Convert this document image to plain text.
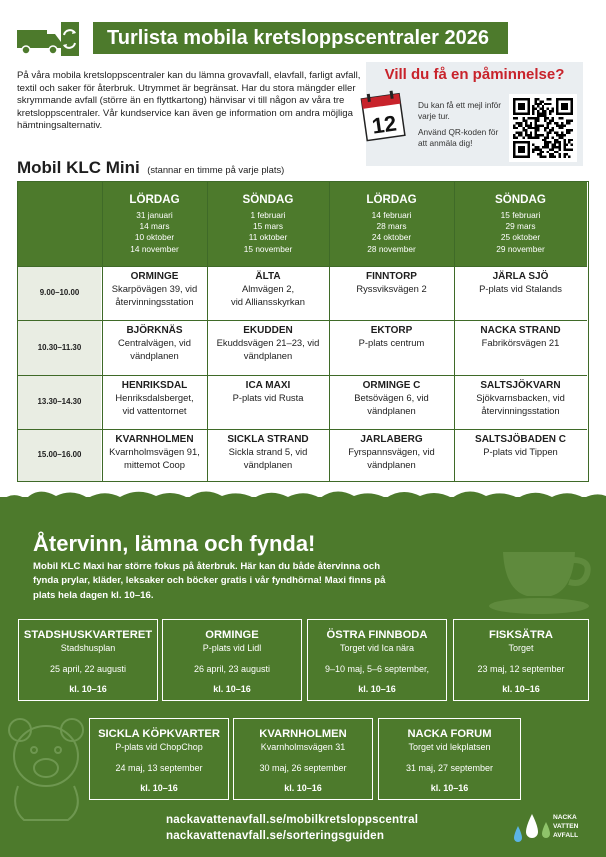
Turlista mobila kretsloppscentraler 2026
På våra mobila kretsloppscentraler kan du lämna grovavfall, elavfall, farligt avfall, textil och saker för återbruk. Utrymmet är begränsat. Har du stora mängder eller skrymmande avfall (större än en flyttkartong) hänvisar vi till någon av våra tre kretsloppscentraler. Vår kundservice kan även ge information om andra möjliga hämtningsalternativ.
Vill du få en påminnelse?
12
Du kan få ett mejl inför varje tur.
Använd QR-koden för att anmäla dig!
Mobil KLC Mini (stannar en timme på varje plats)
LÖRDAG
31 januari
14 mars
10 oktober
14 november
SÖNDAG
1 februari
15 mars
11 oktober
15 november
LÖRDAG
14 februari
28 mars
24 oktober
28 november
SÖNDAG
15 februari
29 mars
25 oktober
29 november
9.00–10.00
10.30–11.30
13.30–14.30
15.00–16.00
ORMINGE
Skarpövägen 39, vid
återvinningsstation
ÄLTA
Almvägen 2,
vid Alliansskyrkan
FINNTORP
Ryssviksvägen 2
JÄRLA SJÖ
P-plats vid Stalands
BJÖRKNÄS
Centralvägen, vid
vändplanen
EKUDDEN
Ekuddsvägen 21–23, vid
vändplanen
EKTORP
P-plats centrum
NACKA STRAND
Fabrikörsvägen 21
HENRIKSDAL
Henriksdalsberget,
vid vattentornet
ICA MAXI
P-plats vid Rusta
ORMINGE C
Betsövägen 6, vid
vändplanen
SALTSJÖKVARN
Sjökvarnsbacken, vid
återvinningsstation
KVARNHOLMEN
Kvarnholmsvägen 91,
mittemot Coop
SICKLA STRAND
Sickla strand 5, vid
vändplanen
JARLABERG
Fyrspannsvägen, vid
vändplanen
SALTSJÖBADEN C
P-plats vid Tippen
Återvinn, lämna och fynda!
Mobil KLC Maxi har större fokus på återbruk. Här kan du både återvinna och fynda prylar, kläder, leksaker och böcker gratis i vår fyndhörna! Maxi finns på plats hela dagen kl. 10–16.
STADSHUSKVARTERET
Stadshusplan
25 april, 22 augusti
kl. 10–16
ORMINGE
P-plats vid Lidl
26 april, 23 augusti
kl. 10–16
ÖSTRA FINNBODA
Torget vid Ica nära
9–10 maj, 5–6 september,
kl. 10–16
FISKSÄTRA
Torget
23 maj, 12 september
kl. 10–16
SICKLA KÖPKVARTER
P-plats vid ChopChop
24 maj, 13 september
kl. 10–16
KVARNHOLMEN
Kvarnholmsvägen 31
30 maj, 26 september
kl. 10–16
NACKA FORUM
Torget vid lekplatsen
31 maj, 27 september
kl. 10–16
nackavattenavfall.se/mobilkretsloppscentral
nackavattenavfall.se/sorteringsguiden
NACKA
VATTEN
AVFALL
